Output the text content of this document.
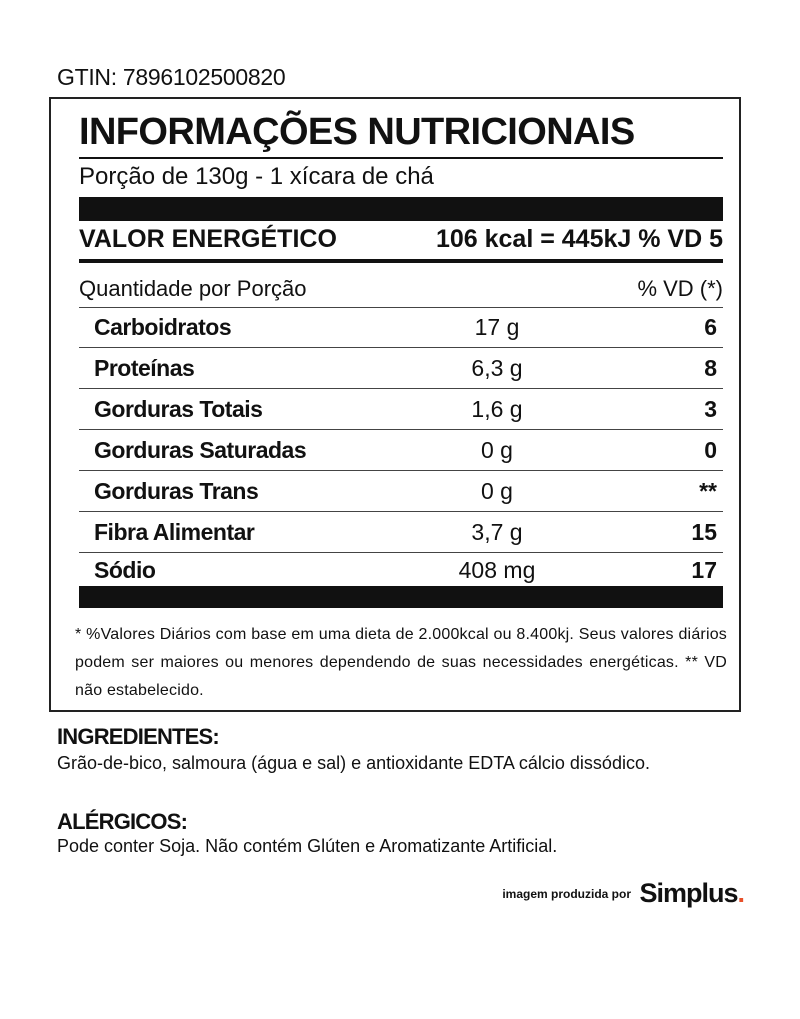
GTIN: 7896102500820
INFORMAÇÕES NUTRICIONAIS
Porção de 130g - 1 xícara de chá
VALOR ENERGÉTICO	106 kcal = 445kJ % VD 5
Quantidade por Porção	% VD (*)
Carboidratos	17 g	6
Proteínas	6,3 g	8
Gorduras Totais	1,6 g	3
Gorduras Saturadas	0 g	0
Gorduras Trans	0 g	**
Fibra Alimentar	3,7 g	15
Sódio	408 mg	17
* %Valores Diários com base em uma dieta de 2.000kcal ou 8.400kj. Seus valores diários podem ser maiores ou menores dependendo de suas necessidades energéticas. ** VD não estabelecido.
INGREDIENTES:
Grão-de-bico, salmoura (água e sal) e antioxidante EDTA cálcio dissódico.
ALÉRGICOS:
Pode conter Soja. Não contém Glúten e Aromatizante Artificial.
imagem produzida por Simplus.
